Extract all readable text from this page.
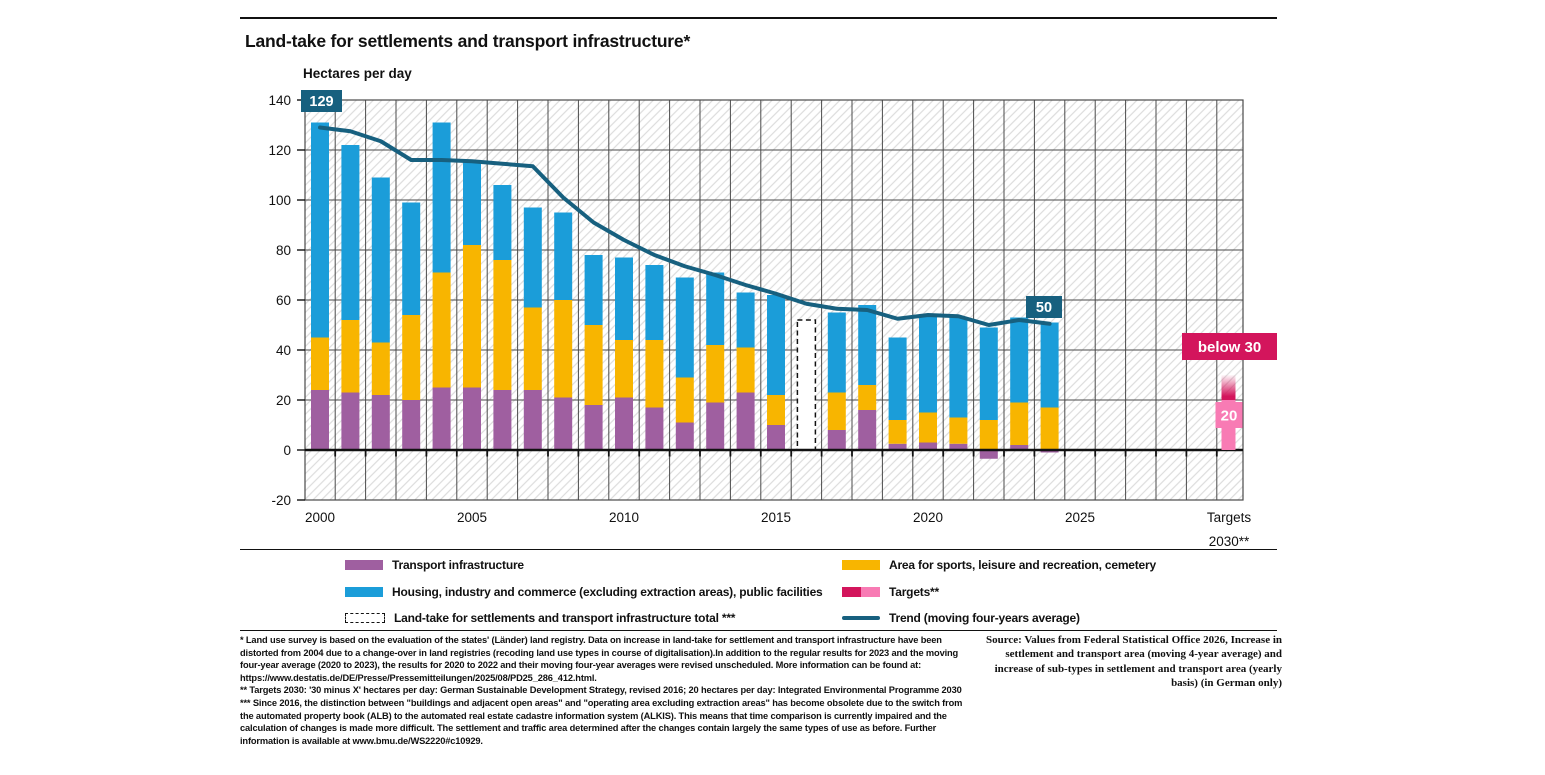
Land-take for settlements and transport infrastructure*
Hectares per day
140
120
100
80
60
40
20
0
-20
2000	2005	2010	2015	2020	2025	Targets
2030**
129
50
below 30
20
Transport infrastructure
Housing, industry and commerce (excluding extraction areas), public facilities
Land-take for settlements and transport infrastructure total ***
Area for sports, leisure and recreation, cemetery
Targets**
Trend (moving four-years average)

* Land use survey is based on the evaluation of the states' (Länder) land registry. Data on increase in land-take for settlement and transport infrastructure have been distorted from 2004 due to a change-over in land registries (recoding land use types in course of digitalisation).In addition to the regular results for 2023 and the moving four-year average (2020 to 2023), the results for 2020 to 2022 and their moving four-year averages were revised unscheduled. More information can be found at: https://www.destatis.de/DE/Presse/Pressemitteilungen/2025/08/PD25_286_412.html.

** Targets 2030: '30 minus X' hectares per day: German Sustainable Development Strategy, revised 2016; 20 hectares per day: Integrated Environmental Programme 2030

*** Since 2016, the distinction between "buildings and adjacent open areas" and "operating area excluding extraction areas" has become obsolete due to the switch from the automated property book (ALB) to the automated real estate cadastre information system (ALKIS). This means that time comparison is currently impaired and the calculation of changes is made more difficult. The settlement and traffic area determined after the changes contain largely the same types of use as before. Further information is available at www.bmu.de/WS2220#c10929.

Source: Values from Federal Statistical Office 2026, Increase in settlement and transport area (moving 4-year average) and increase of sub-types in settlement and transport area (yearly basis) (in German only)
